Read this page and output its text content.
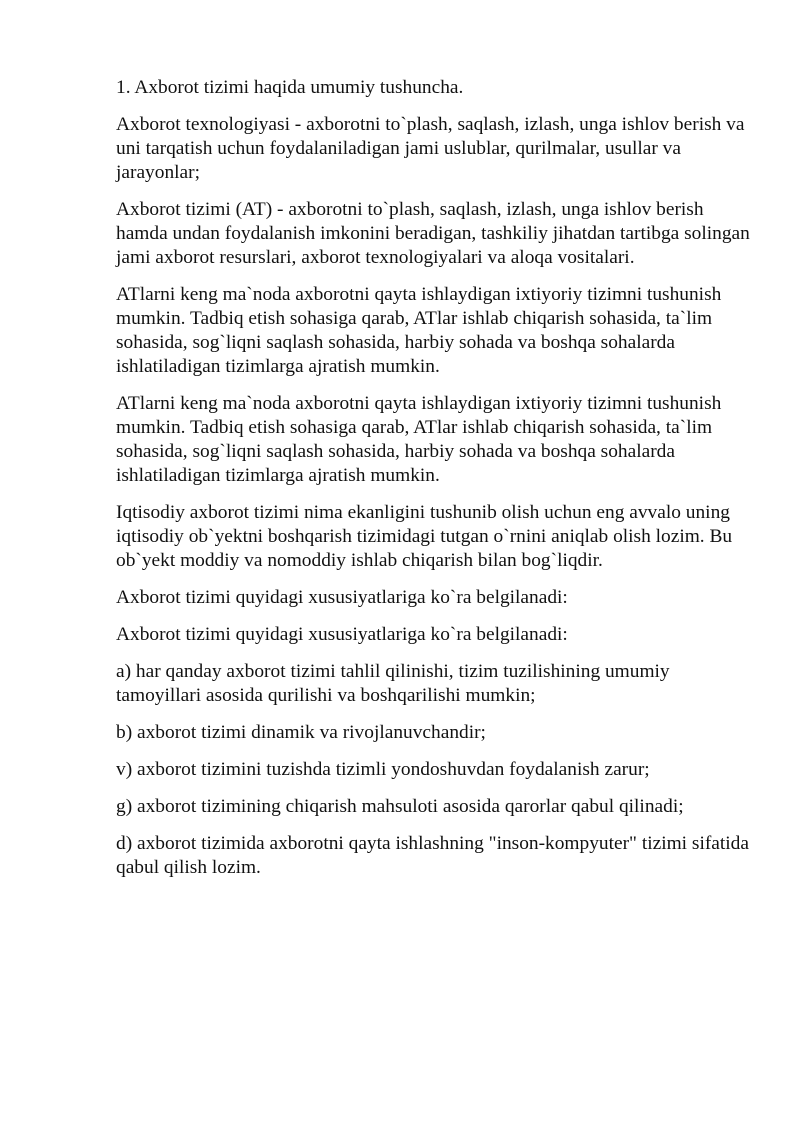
1. Axborot tizimi haqida umumiy tushuncha.

Axborot texnologiyasi - axborotni to`plash, saqlash, izlash, unga ishlov berish va uni tarqatish uchun foydalaniladigan jami uslublar, qurilmalar, usullar va jarayonlar;

Axborot tizimi (AT) - axborotni to`plash, saqlash, izlash, unga ishlov berish hamda undan foydalanish imkonini beradigan, tashkiliy jihatdan tartibga solingan jami axborot resurslari, axborot texnologiyalari va aloqa vositalari.

ATlarni keng ma`noda axborotni qayta ishlaydigan ixtiyoriy tizimni tushunish mumkin. Tadbiq etish sohasiga qarab, ATlar ishlab chiqarish sohasida, ta`lim sohasida, sog`liqni saqlash sohasida, harbiy sohada va boshqa sohalarda ishlatiladigan tizimlarga ajratish mumkin.

ATlarni keng ma`noda axborotni qayta ishlaydigan ixtiyoriy tizimni tushunish mumkin. Tadbiq etish sohasiga qarab, ATlar ishlab chiqarish sohasida, ta`lim sohasida, sog`liqni saqlash sohasida, harbiy sohada va boshqa sohalarda ishlatiladigan tizimlarga ajratish mumkin.

Iqtisodiy axborot tizimi nima ekanligini tushunib olish uchun eng avvalo uning iqtisodiy ob`yektni boshqarish tizimidagi tutgan o`rnini aniqlab olish lozim. Bu ob`yekt moddiy va nomoddiy ishlab chiqarish bilan bog`liqdir.

Axborot tizimi quyidagi xususiyatlariga ko`ra belgilanadi:

Axborot tizimi quyidagi xususiyatlariga ko`ra belgilanadi:

a) har qanday axborot tizimi tahlil qilinishi, tizim tuzilishining umumiy tamoyillari asosida qurilishi va boshqarilishi mumkin;

b) axborot tizimi dinamik va rivojlanuvchandir;

v) axborot tizimini tuzishda tizimli yondoshuvdan foydalanish zarur;

g) axborot tizimining chiqarish mahsuloti asosida qarorlar qabul qilinadi;

d) axborot tizimida axborotni qayta ishlashning "inson-kompyuter" tizimi sifatida qabul qilish lozim.
